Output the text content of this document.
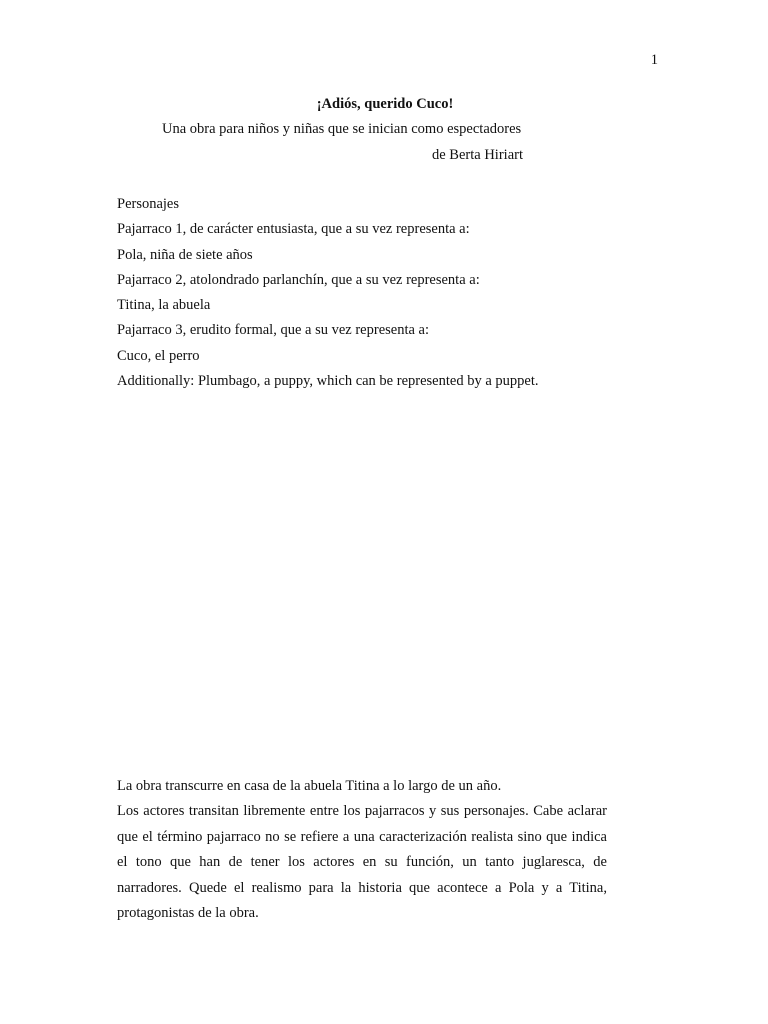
1
¡Adiós, querido Cuco!
Una obra para niños y niñas que se inician como espectadores
de Berta Hiriart
Personajes
Pajarraco 1, de carácter entusiasta, que a su vez representa a:
Pola, niña de siete años
Pajarraco 2, atolondrado parlanchín, que a su vez representa a:
Titina, la abuela
Pajarraco 3, erudito formal, que a su vez representa a:
Cuco, el perro
Additionally: Plumbago, a puppy, which can be represented by a puppet.
La obra transcurre en casa de la abuela Titina a lo largo de un año.
Los actores transitan libremente entre los pajarracos y sus personajes. Cabe aclarar que el término pajarraco no se refiere a una caracterización realista sino que indica el tono que han de tener los actores en su función, un tanto juglaresca, de narradores. Quede el realismo para la historia que acontece a Pola y a Titina, protagonistas de la obra.
